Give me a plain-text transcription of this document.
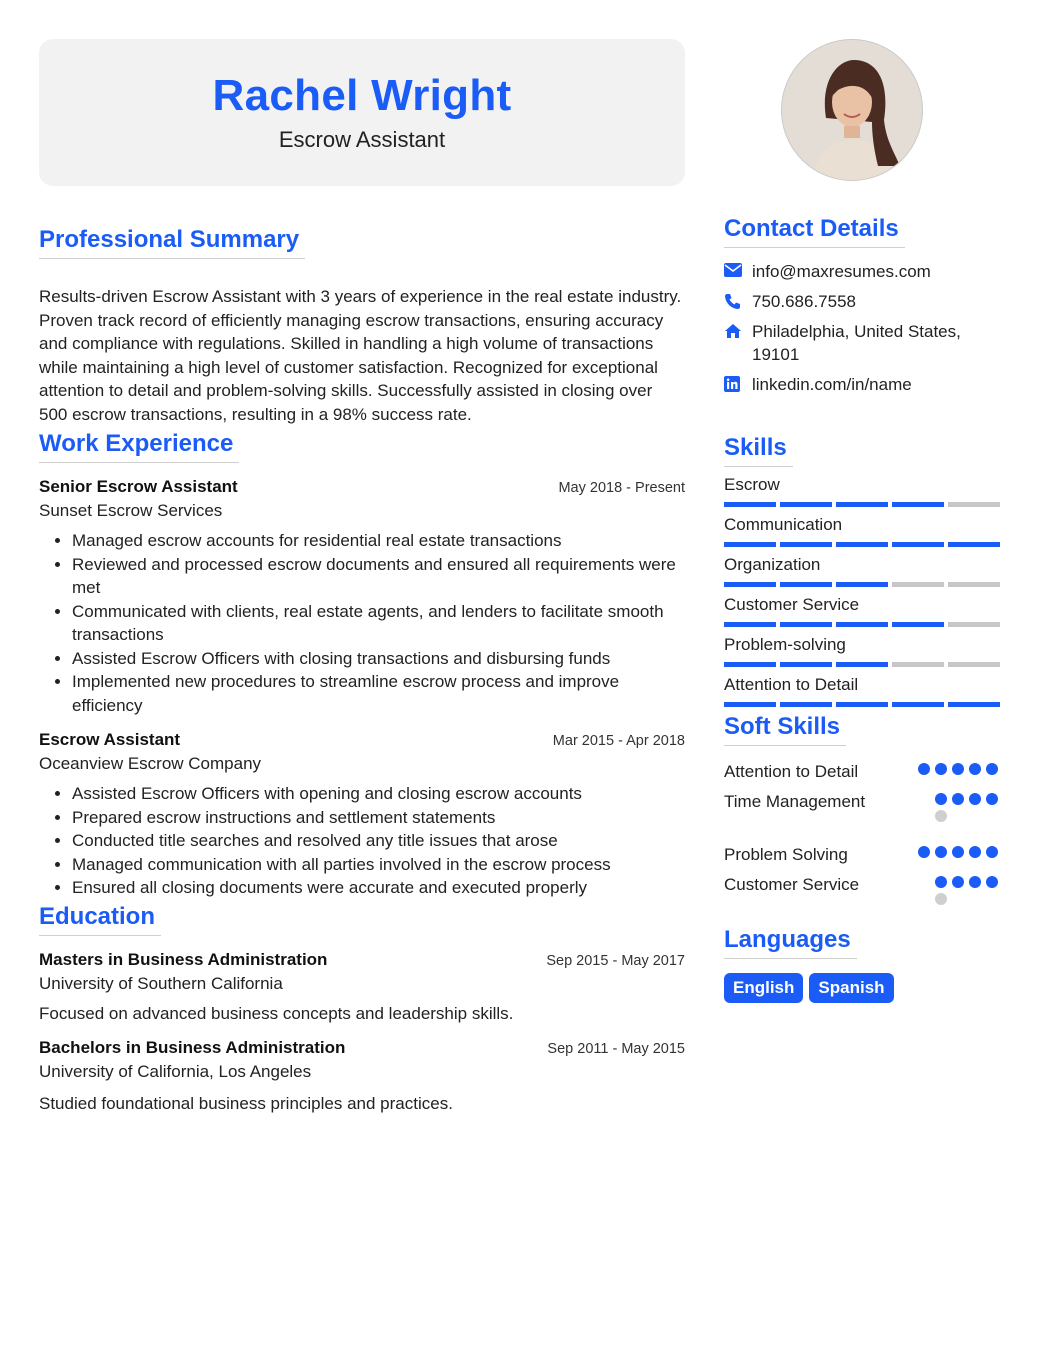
Rachel Wright
Escrow Assistant
Professional Summary

Results-driven Escrow Assistant with 3 years of experience in the real estate industry. Proven track record of efficiently managing escrow transactions, ensuring accuracy and compliance with regulations. Skilled in handling a high volume of transactions while maintaining a high level of customer satisfaction. Recognized for exceptional attention to detail and problem-solving skills. Successfully assisted in closing over 500 escrow transactions, resulting in a 98% success rate.

Work Experience
Senior Escrow Assistant	May 2018 - Present
Sunset Escrow Services
• Managed escrow accounts for residential real estate transactions
• Reviewed and processed escrow documents and ensured all requirements were met
• Communicated with clients, real estate agents, and lenders to facilitate smooth transactions
• Assisted Escrow Officers with closing transactions and disbursing funds
• Implemented new procedures to streamline escrow process and improve efficiency
Escrow Assistant	Mar 2015 - Apr 2018
Oceanview Escrow Company
• Assisted Escrow Officers with opening and closing escrow accounts
• Prepared escrow instructions and settlement statements
• Conducted title searches and resolved any title issues that arose
• Managed communication with all parties involved in the escrow process
• Ensured all closing documents were accurate and executed properly
Education
Masters in Business Administration	Sep 2015 - May 2017
University of Southern California
Focused on advanced business concepts and leadership skills.
Bachelors in Business Administration	Sep 2011 - May 2015
University of California, Los Angeles
Studied foundational business principles and practices.
Contact Details
info@maxresumes.com
750.686.7558
Philadelphia, United States, 19101
linkedin.com/in/name
Skills
Escrow
Communication
Organization
Customer Service
Problem-solving
Attention to Detail
Soft Skills
Attention to Detail
Time Management
Problem Solving
Customer Service
Languages
English	Spanish
